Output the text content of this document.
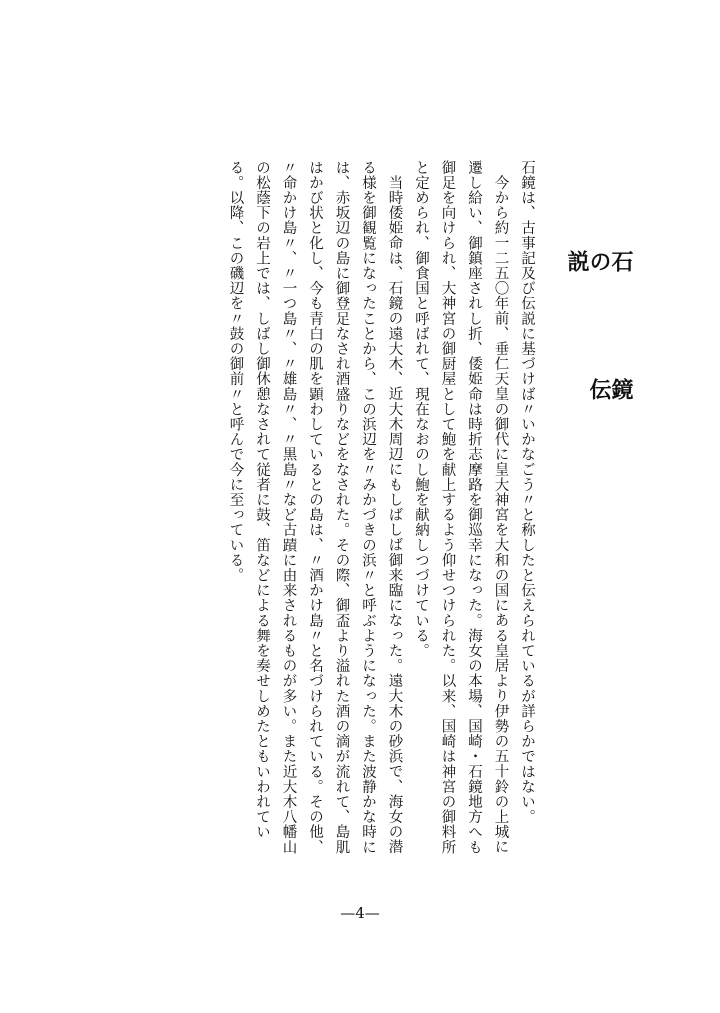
石　鏡　の　伝　説

石鏡は、古事記及び伝説に基づけば〃いかなごう〃と称したと伝えられているが詳らかではない。

今から約一二五〇年前、垂仁天皇の御代に皇大神宮を大和の国にある皇居より伊勢の五十鈴の上城に遷し給い、御鎮座されし折、倭姫命は時折志摩路を御巡幸になった。海女の本場、国崎・石鏡地方へも御足を向けられ、大神宮の御厨屋として鮑を献上するよう仰せつけられた。以来、国崎は神宮の御料所と定められ、御食国と呼ばれて、現在なおのし鮑を献納しつづけている。

当時倭姫命は、石鏡の遠大木、近大木周辺にもしばしば御来臨になった。遠大木の砂浜で、海女の潜る様を御観覧になったことから、この浜辺を〃みかづきの浜〃と呼ぶようになった。また波静かな時には、赤坂辺の島に御登足なされ酒盛りなどをなされた。その際、御盃より溢れた酒の滴が流れて、島肌はかび状と化し、今も青白の肌を顕わしているとの島は、〃酒かけ島〃と名づけられている。その他、〃命かけ島〃、〃一つ島〃、〃雄島〃、〃黒島〃など古蹟に由来されるものが多い。また近大木八幡山の松蔭下の岩上では、しばし御休憩なされて従者に鼓、笛などによる舞を奏せしめたともいわれている。以降、この磯辺を〃鼓の御前〃と呼んで今に至っている。

—4—
